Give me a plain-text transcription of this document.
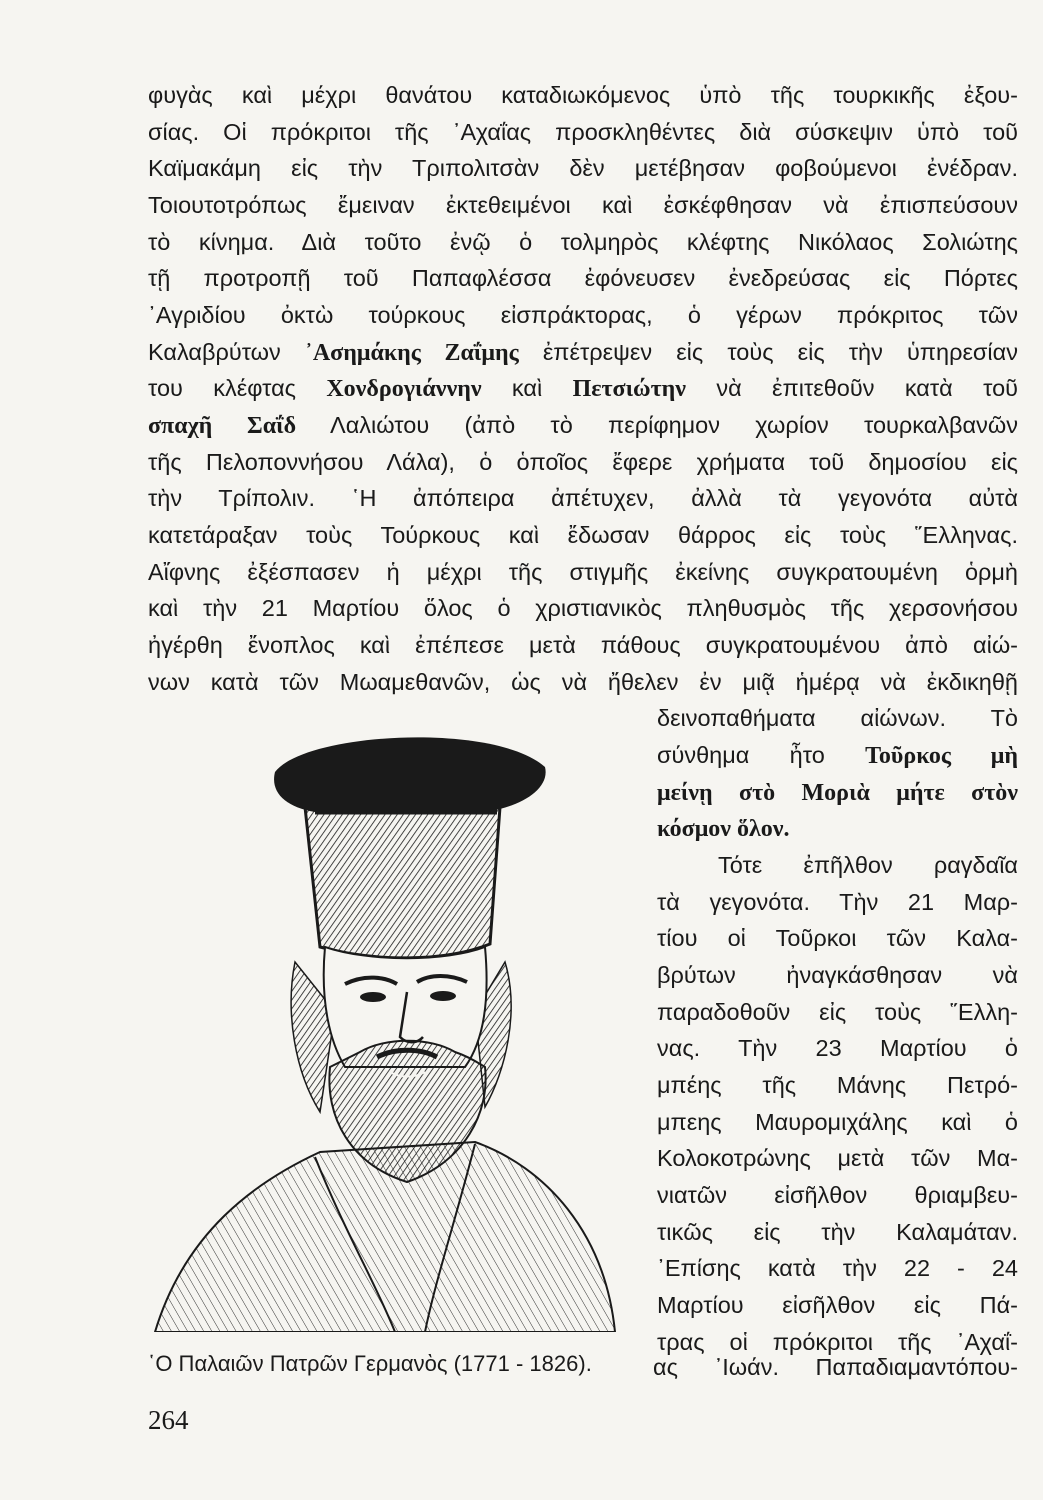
φυγὰς καὶ μέχρι θανάτου καταδιωκόμενος ὑπὸ τῆς τουρκικῆς ἐξου-
σίας. Οἱ πρόκριτοι τῆς ᾿Αχαΐας προσκληθέντες διὰ σύσκεψιν ὑπὸ τοῦ
Καϊμακάμη εἰς τὴν Τριπολιτσὰν δὲν μετέβησαν φοβούμενοι ἐνέδραν.
Τοιουτοτρόπως ἔμειναν ἐκτεθειμένοι καὶ ἐσκέφθησαν νὰ ἐπισπεύσουν
τὸ κίνημα. Διὰ τοῦτο ἐνῷ ὁ τολμηρὸς κλέφτης Νικόλαος Σολιώτης
τῇ προτροπῇ τοῦ Παπαφλέσσα ἐφόνευσεν ἐνεδρεύσας εἰς Πόρτες
᾿Αγριδίου ὀκτὼ τούρκους εἰσπράκτορας, ὁ γέρων πρόκριτος τῶν
Καλαβρύτων ᾿Ασημάκης Ζαΐμης ἐπέτρεψεν εἰς τοὺς εἰς τὴν ὑπηρεσίαν
του κλέφτας Χονδρογιάννην καὶ Πετσιώτην νὰ ἐπιτεθοῦν κατὰ τοῦ
σπαχῆ Σαΐδ Λαλιώτου (ἀπὸ τὸ περίφημον χωρίον τουρκαλβανῶν
τῆς Πελοποννήσου Λάλα), ὁ ὁποῖος ἔφερε χρήματα τοῦ δημοσίου εἰς
τὴν Τρίπολιν. ῾Η ἀπόπειρα ἀπέτυχεν, ἀλλὰ τὰ γεγονότα αὐτὰ
κατετάραξαν τοὺς Τούρκους καὶ ἔδωσαν θάρρος εἰς τοὺς ῞Ελληνας.
Αἴφνης ἐξέσπασεν ἡ μέχρι τῆς στιγμῆς ἐκείνης συγκρατουμένη ὁρμὴ
καὶ τὴν 21 Μαρτίου ὅλος ὁ χριστιανικὸς πληθυσμὸς τῆς χερσονήσου
ἠγέρθη ἔνοπλος καὶ ἐπέπεσε μετὰ πάθους συγκρατουμένου ἀπὸ αἰώ-
νων κατὰ τῶν Μωαμεθανῶν, ὡς νὰ ἤθελεν ἐν μιᾷ ἡμέρᾳ νὰ ἐκδικηθῇ
δεινοπαθήματα αἰώνων. Τὸ
σύνθημα ἦτο Τοῦρκος μὴ
μείνῃ στὸ Μοριὰ μήτε στὸν
κόσμον ὅλον.
Τότε ἐπῆλθον ραγδαῖα
τὰ γεγονότα. Τὴν 21 Μαρ-
τίου οἱ Τοῦρκοι τῶν Καλα-
βρύτων ἠναγκάσθησαν νὰ
παραδοθοῦν εἰς τοὺς ῞Ελλη-
νας. Τὴν 23 Μαρτίου ὁ
μπέης τῆς Μάνης Πετρό-
μπεης Μαυρομιχάλης καὶ ὁ
Κολοκοτρώνης μετὰ τῶν Μα-
νιατῶν εἰσῆλθον θριαμβευ-
τικῶς εἰς τὴν Καλαμάταν.
᾿Επίσης κατὰ τὴν 22 - 24
Μαρτίου εἰσῆλθον εἰς Πά-
τρας οἱ πρόκριτοι τῆς ᾿Αχαΐ-
ας ᾿Ιωάν. Παπαδιαμαντόπου-
῾Ο Παλαιῶν Πατρῶν Γερμανὸς (1771 - 1826).
264
